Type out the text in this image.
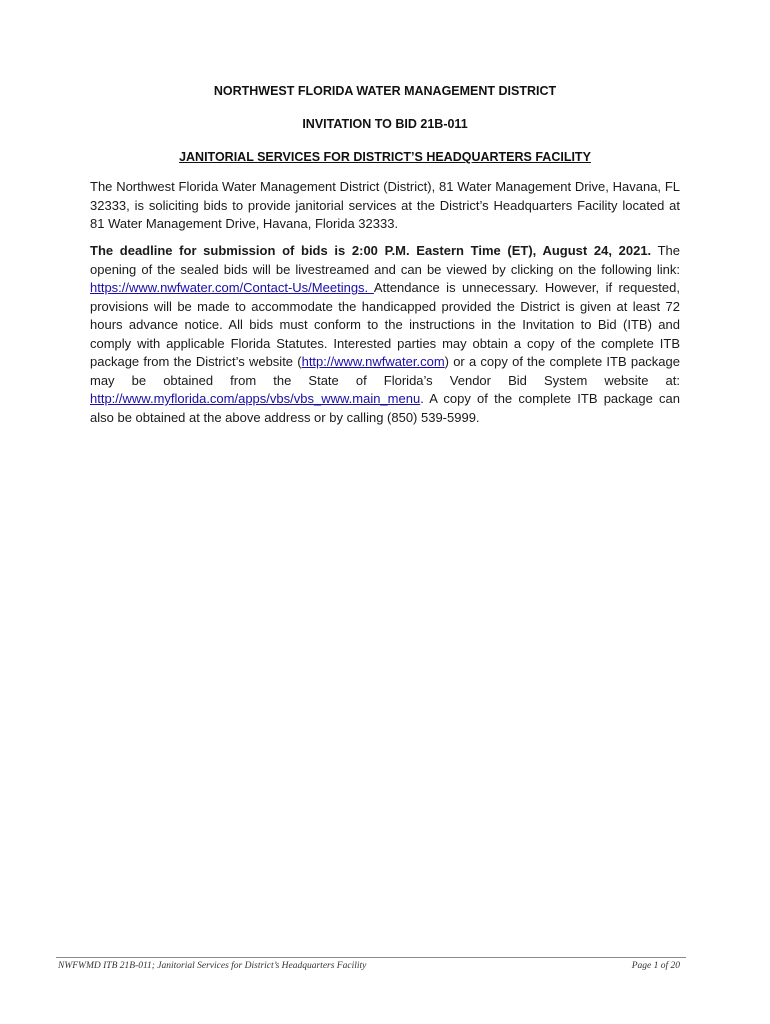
NORTHWEST FLORIDA WATER MANAGEMENT DISTRICT
INVITATION TO BID 21B-011
JANITORIAL SERVICES FOR DISTRICT’S HEADQUARTERS FACILITY

The Northwest Florida Water Management District (District), 81 Water Management Drive, Havana, FL 32333, is soliciting bids to provide janitorial services at the District’s Headquarters Facility located at 81 Water Management Drive, Havana, Florida 32333.

The deadline for submission of bids is 2:00 P.M. Eastern Time (ET), August 24, 2021. The opening of the sealed bids will be livestreamed and can be viewed by clicking on the following link: https://www.nwfwater.com/Contact-Us/Meetings. Attendance is unnecessary. However, if requested, provisions will be made to accommodate the handicapped provided the District is given at least 72 hours advance notice. All bids must conform to the instructions in the Invitation to Bid (ITB) and comply with applicable Florida Statutes. Interested parties may obtain a copy of the complete ITB package from the District’s website (http://www.nwfwater.com) or a copy of the complete ITB package may be obtained from the State of Florida’s Vendor Bid System website at: http://www.myflorida.com/apps/vbs/vbs_www.main_menu. A copy of the complete ITB package can also be obtained at the above address or by calling (850) 539-5999.

NWFWMD ITB 21B-011; Janitorial Services for District’s Headquarters Facility	Page 1 of 20
